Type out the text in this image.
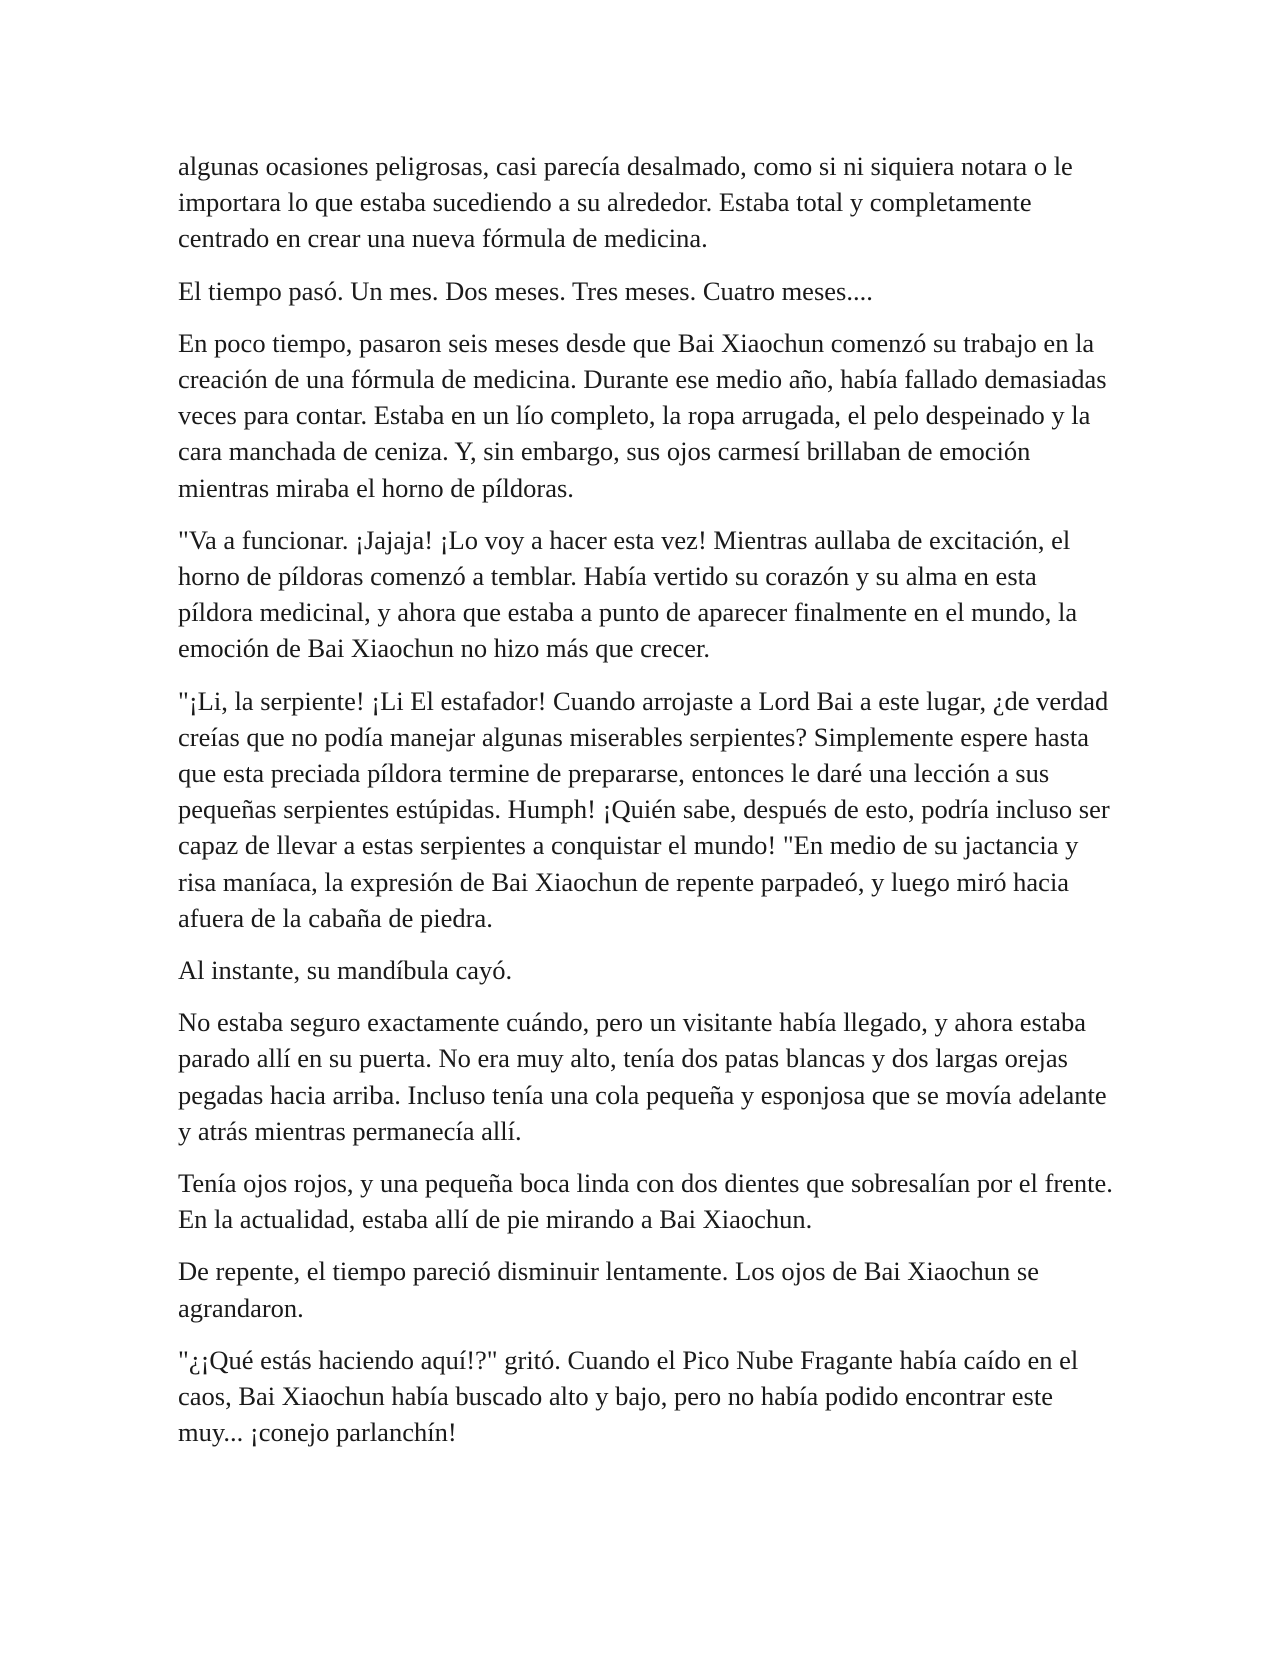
algunas ocasiones peligrosas, casi parecía desalmado, como si ni siquiera notara o le importara lo que estaba sucediendo a su alrededor. Estaba total y completamente centrado en crear una nueva fórmula de medicina.

El tiempo pasó. Un mes. Dos meses. Tres meses. Cuatro meses....

En poco tiempo, pasaron seis meses desde que Bai Xiaochun comenzó su trabajo en la creación de una fórmula de medicina. Durante ese medio año, había fallado demasiadas veces para contar. Estaba en un lío completo, la ropa arrugada, el pelo despeinado y la cara manchada de ceniza. Y, sin embargo, sus ojos carmesí brillaban de emoción mientras miraba el horno de píldoras.

"Va a funcionar. ¡Jajaja! ¡Lo voy a hacer esta vez! Mientras aullaba de excitación, el horno de píldoras comenzó a temblar. Había vertido su corazón y su alma en esta píldora medicinal, y ahora que estaba a punto de aparecer finalmente en el mundo, la emoción de Bai Xiaochun no hizo más que crecer.

"¡Li, la serpiente! ¡Li El estafador! Cuando arrojaste a Lord Bai a este lugar, ¿de verdad creías que no podía manejar algunas miserables serpientes? Simplemente espere hasta que esta preciada píldora termine de prepararse, entonces le daré una lección a sus pequeñas serpientes estúpidas. Humph! ¡Quién sabe, después de esto, podría incluso ser capaz de llevar a estas serpientes a conquistar el mundo! "En medio de su jactancia y risa maníaca, la expresión de Bai Xiaochun de repente parpadeó, y luego miró hacia afuera de la cabaña de piedra.

Al instante, su mandíbula cayó.

No estaba seguro exactamente cuándo, pero un visitante había llegado, y ahora estaba parado allí en su puerta. No era muy alto, tenía dos patas blancas y dos largas orejas pegadas hacia arriba. Incluso tenía una cola pequeña y esponjosa que se movía adelante y atrás mientras permanecía allí.

Tenía ojos rojos, y una pequeña boca linda con dos dientes que sobresalían por el frente. En la actualidad, estaba allí de pie mirando a Bai Xiaochun.

De repente, el tiempo pareció disminuir lentamente. Los ojos de Bai Xiaochun se agrandaron.

"¿¡Qué estás haciendo aquí!?" gritó. Cuando el Pico Nube Fragante había caído en el caos, Bai Xiaochun había buscado alto y bajo, pero no había podido encontrar este muy... ¡conejo parlanchín!
